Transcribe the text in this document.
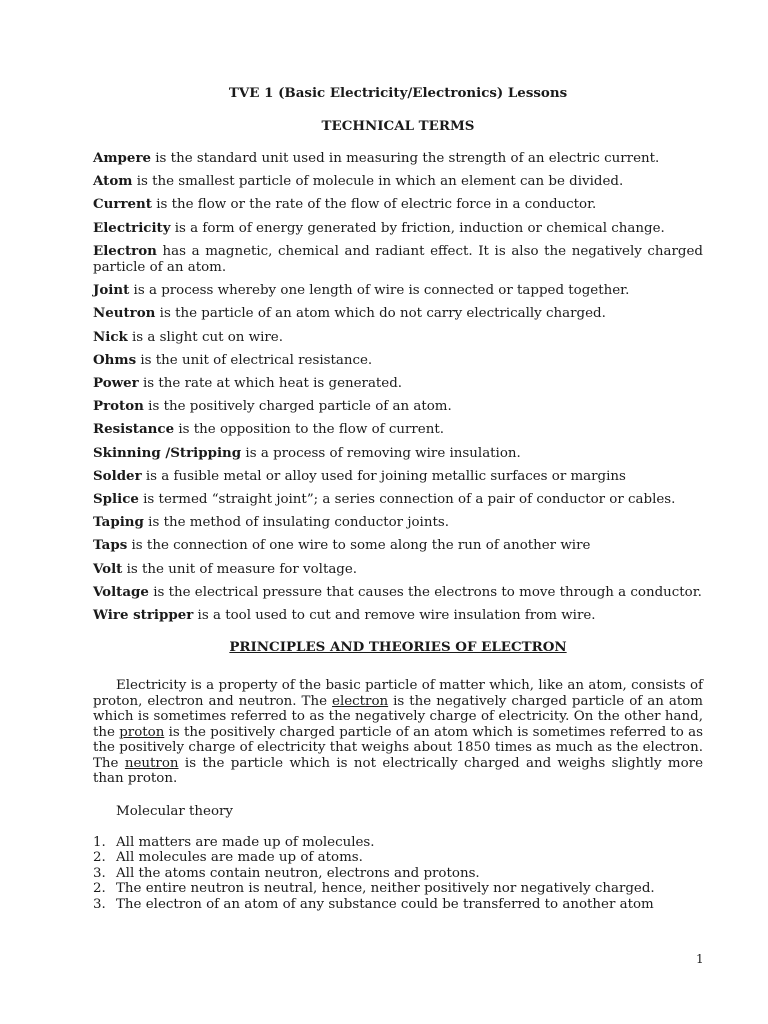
TVE 1 (Basic Electricity/Electronics) Lessons
TECHNICAL TERMS

Ampere is the standard unit used in measuring the strength of an electric current.

Atom is the smallest particle of molecule in which an element can be divided.

Current is the flow or the rate of the flow of electric force in a conductor.

Electricity is a form of energy generated by friction, induction or chemical change.

Electron has a magnetic, chemical and radiant effect. It is also the negatively charged particle of an atom.

Joint is a process whereby one length of wire is connected or tapped together.

Neutron is the particle of an atom which do not carry electrically charged.

Nick is a slight cut on wire.

Ohms is the unit of electrical resistance.

Power is the rate at which heat is generated.

Proton is the positively charged particle of an atom.

Resistance is the opposition to the flow of current.

Skinning /Stripping is a process of removing wire insulation.

Solder is a fusible metal or alloy used for joining metallic surfaces or margins

Splice is termed “straight joint”; a series connection of a pair of conductor or cables.

Taping is the method of insulating conductor joints.

Taps is the connection of one wire to some along the run of another wire

Volt is the unit of measure for voltage.

Voltage is the electrical pressure that causes the electrons to move through a conductor.

Wire stripper is a tool used to cut and remove wire insulation from wire.

PRINCIPLES AND THEORIES OF ELECTRON

Electricity is a property of the basic particle of matter which, like an atom, consists of proton, electron and neutron. The electron is the negatively charged particle of an atom which is sometimes referred to as the negatively charge of electricity. On the other hand, the proton is the positively charged particle of an atom which is sometimes referred to as the positively charge of electricity that weighs about 1850 times as much as the electron. The neutron is the particle which is not electrically charged and weighs slightly more than proton.

Molecular theory
1. All matters are made up of molecules.
2. All molecules are made up of atoms.
3. All the atoms contain neutron, electrons and protons.
2. The entire neutron is neutral, hence, neither positively nor negatively charged.
3. The electron of an atom of any substance could be transferred to another atom
1
